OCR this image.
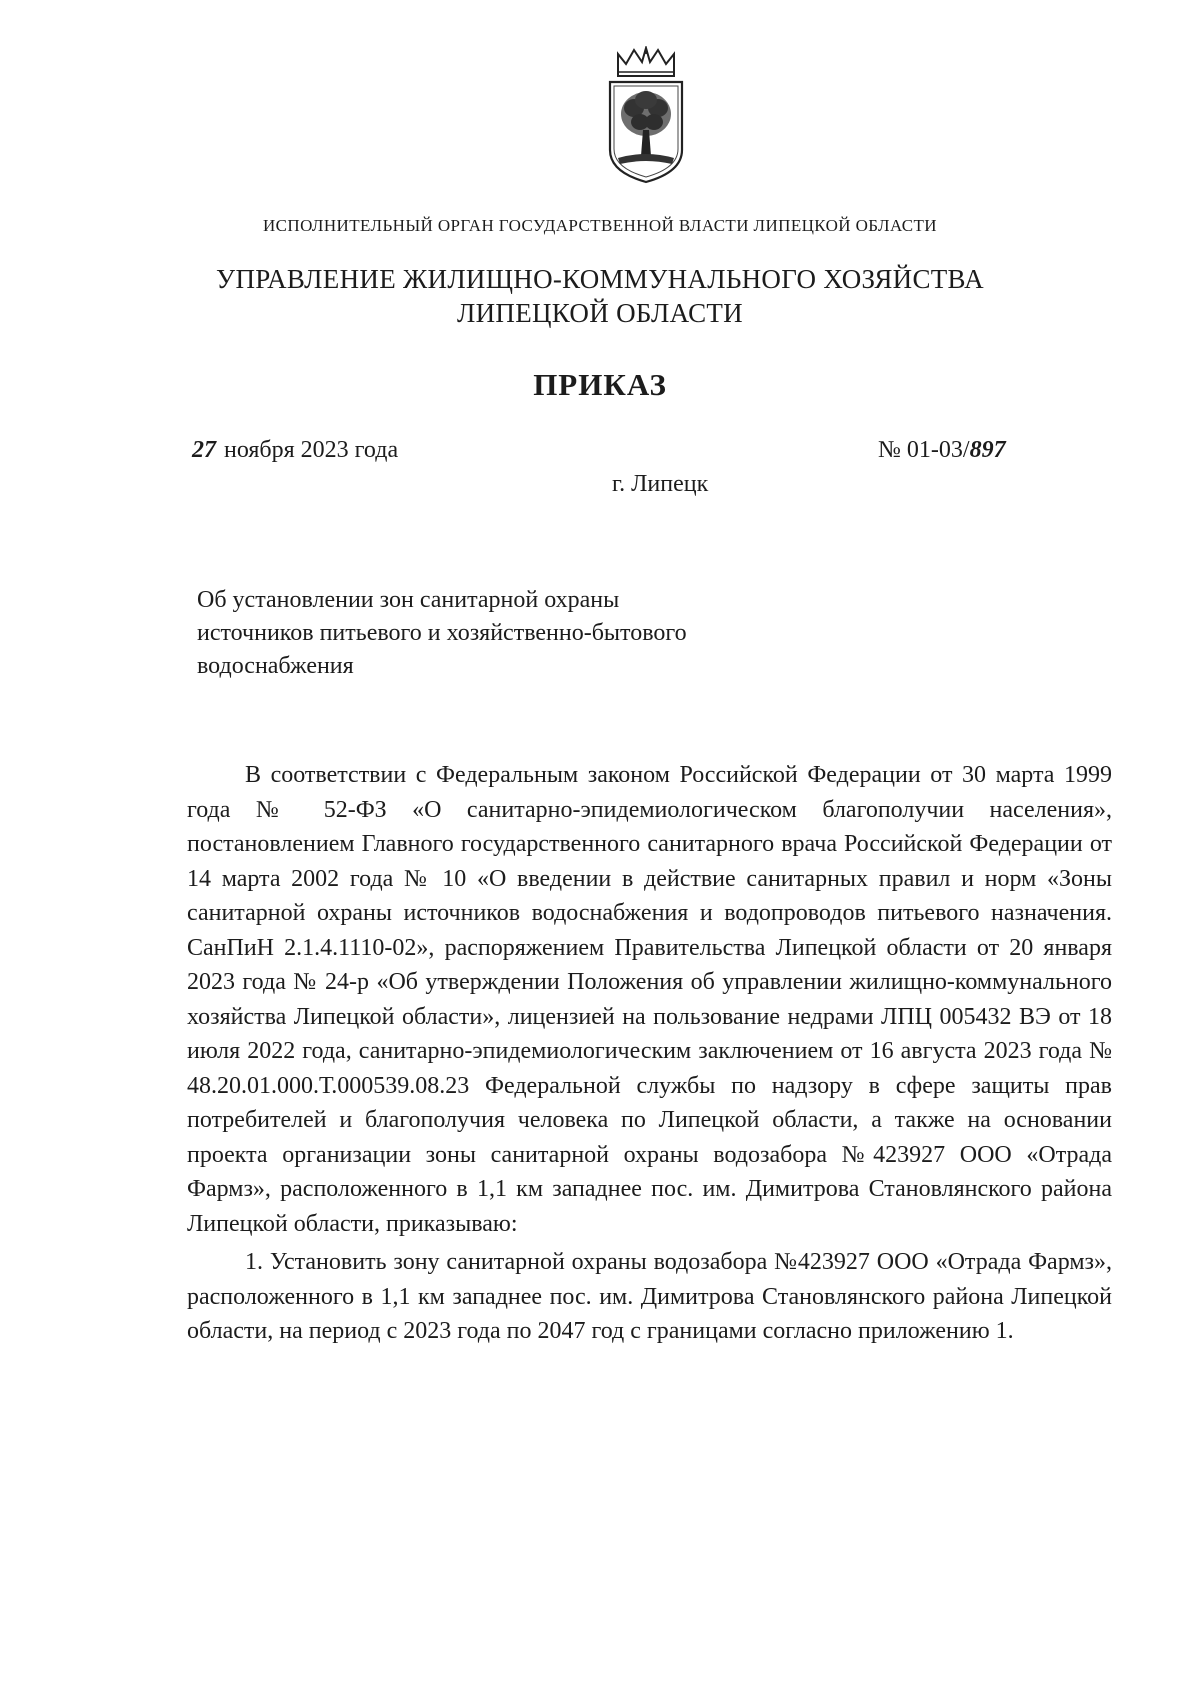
ИСПОЛНИТЕЛЬНЫЙ ОРГАН ГОСУДАРСТВЕННОЙ ВЛАСТИ ЛИПЕЦКОЙ ОБЛАСТИ
УПРАВЛЕНИЕ ЖИЛИЩНО-КОММУНАЛЬНОГО ХОЗЯЙСТВА
ЛИПЕЦКОЙ ОБЛАСТИ
ПРИКАЗ
27 ноября 2023 года	№ 01-03/897
г. Липецк
Об установлении зон санитарной охраны
источников питьевого и хозяйственно-бытового
водоснабжения

В соответствии с Федеральным законом Российской Федерации от 30 марта 1999 года № 52-ФЗ «О санитарно-эпидемиологическом благополучии населения», постановлением Главного государственного санитарного врача Российской Федерации от 14 марта 2002 года № 10 «О введении в действие санитарных правил и норм «Зоны санитарной охраны источников водоснабжения и водопроводов питьевого назначения. СанПиН 2.1.4.1110-02», распоряжением Правительства Липецкой области от 20 января 2023 года № 24-р «Об утверждении Положения об управлении жилищно-коммунального хозяйства Липецкой области», лицензией на пользование недрами ЛПЦ 005432 ВЭ от 18 июля 2022 года, санитарно-эпидемиологическим заключением от 16 августа 2023 года № 48.20.01.000.Т.000539.08.23 Федеральной службы по надзору в сфере защиты прав потребителей и благополучия человека по Липецкой области, а также на основании проекта организации зоны санитарной охраны водозабора №423927 ООО «Отрада Фармз», расположенного в 1,1 км западнее пос. им. Димитрова Становлянского района Липецкой области, приказываю:

1. Установить зону санитарной охраны водозабора №423927 ООО «Отрада Фармз», расположенного в 1,1 км западнее пос. им. Димитрова Становлянского района Липецкой области, на период с 2023 года по 2047 год с границами согласно приложению 1.
